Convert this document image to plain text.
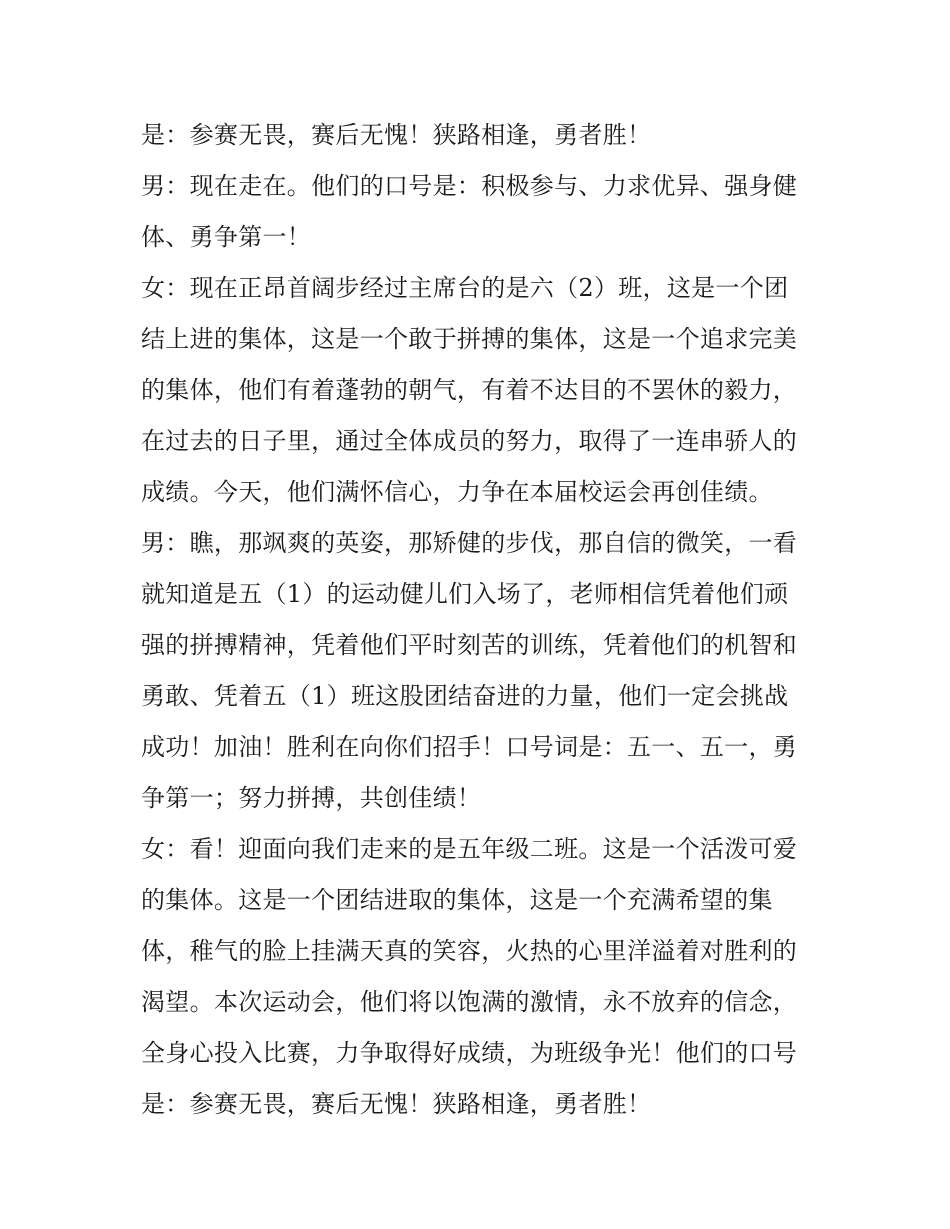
是：参赛无畏，赛后无愧！狭路相逢，勇者胜！
男：现在走在。他们的口号是：积极参与、力求优异、强身健
体、勇争第一！
女：现在正昂首阔步经过主席台的是六（2）班，这是一个团
结上进的集体，这是一个敢于拼搏的集体，这是一个追求完美
的集体，他们有着蓬勃的朝气，有着不达目的不罢休的毅力，
在过去的日子里，通过全体成员的努力，取得了一连串骄人的
成绩。今天，他们满怀信心，力争在本届校运会再创佳绩。
男：瞧，那飒爽的英姿，那矫健的步伐，那自信的微笑，一看
就知道是五（1）的运动健儿们入场了，老师相信凭着他们顽
强的拼搏精神，凭着他们平时刻苦的训练，凭着他们的机智和
勇敢、凭着五（1）班这股团结奋进的力量，他们一定会挑战
成功！加油！胜利在向你们招手！口号词是：五一、五一，勇
争第一；努力拼搏，共创佳绩！
女：看！迎面向我们走来的是五年级二班。这是一个活泼可爱
的集体。这是一个团结进取的集体，这是一个充满希望的集
体，稚气的脸上挂满天真的笑容，火热的心里洋溢着对胜利的
渴望。本次运动会，他们将以饱满的激情，永不放弃的信念，
全身心投入比赛，力争取得好成绩，为班级争光！他们的口号
是：参赛无畏，赛后无愧！狭路相逢，勇者胜！
